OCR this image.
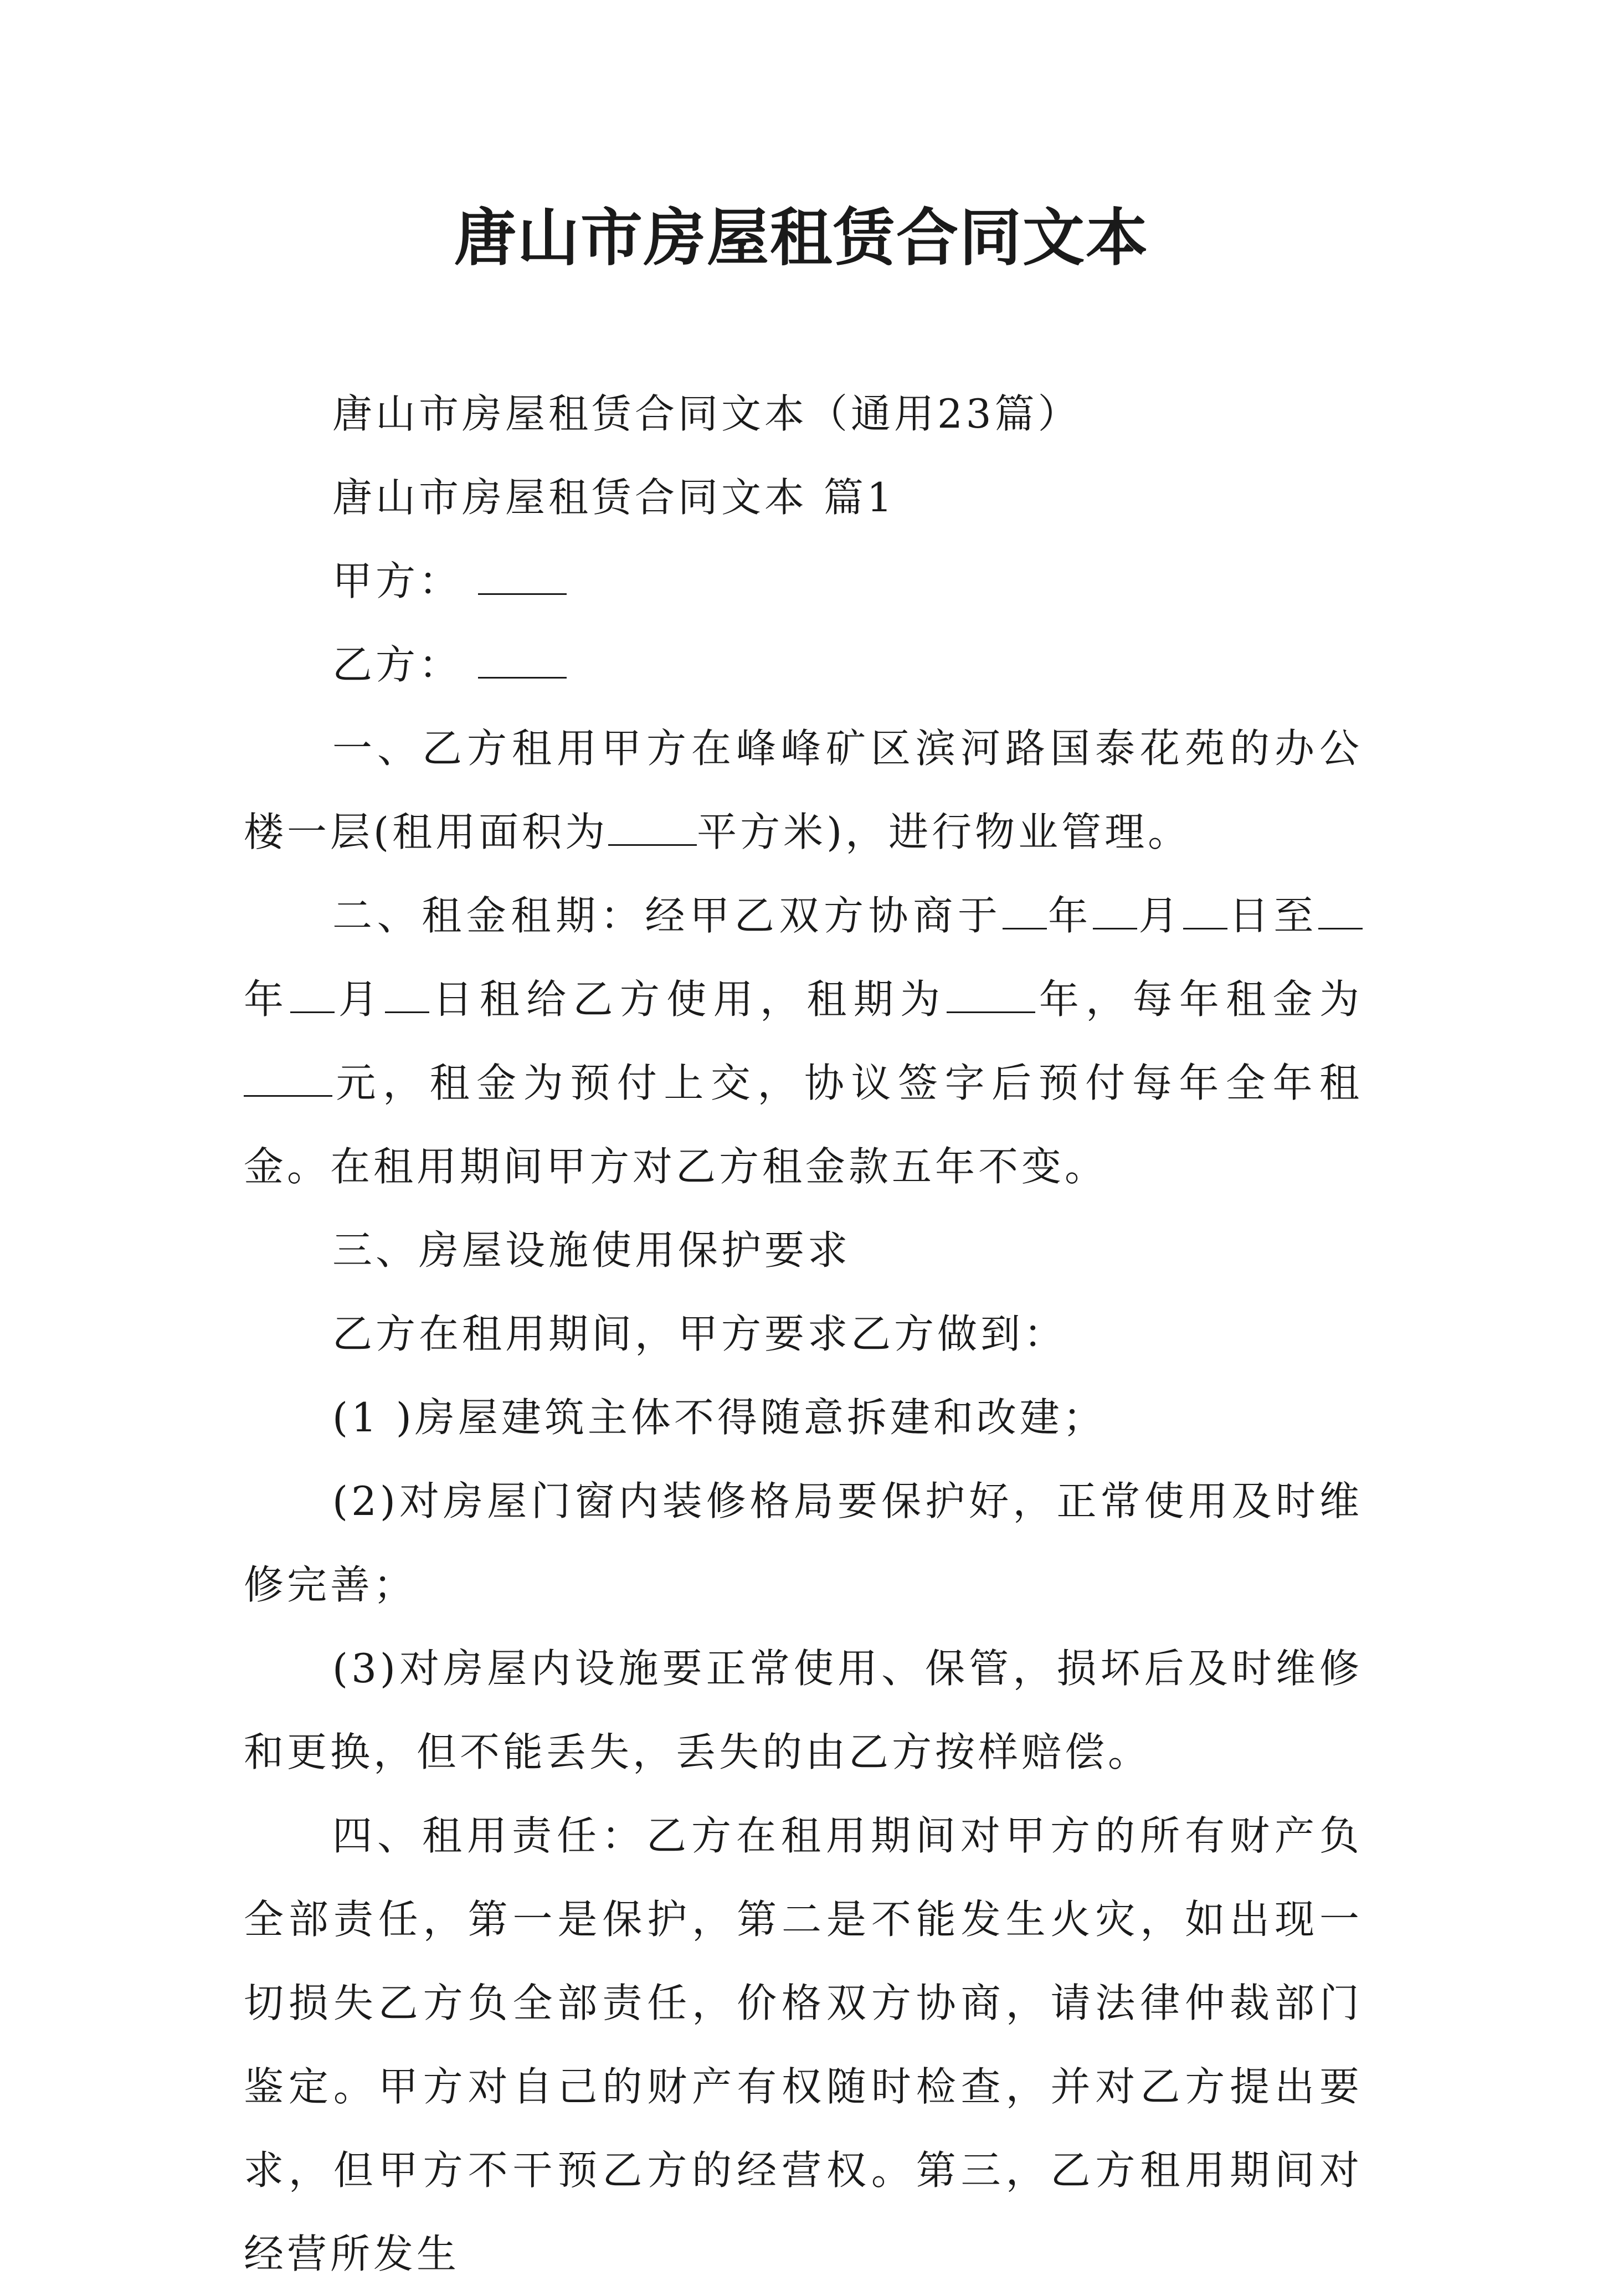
唐山市房屋租赁合同文本

唐山市房屋租赁合同文本（通用23篇）

唐山市房屋租赁合同文本 篇1

甲方：

乙方：

一、乙方租用甲方在峰峰矿区滨河路国泰花苑的办公楼一层(租用面积为 平方米)，进行物业管理。

二、租金租期：经甲乙双方协商于 年 月 日至年 月 日租给乙方使用，租期为 年，每年租金为元，租金为预付上交，协议签字后预付每年全年租金。在租用期间甲方对乙方租金款五年不变。

三、房屋设施使用保护要求

乙方在租用期间，甲方要求乙方做到：

(1 )房屋建筑主体不得随意拆建和改建；

(2)对房屋门窗内装修格局要保护好，正常使用及时维修完善；

(3)对房屋内设施要正常使用、保管，损坏后及时维修和更换，但不能丢失，丢失的由乙方按样赔偿。

四、租用责任：乙方在租用期间对甲方的所有财产负全部责任，第一是保护，第二是不能发生火灾，如出现一切损失乙方负全部责任，价格双方协商，请法律仲裁部门鉴定。甲方对自己的财产有权随时检查，并对乙方提出要求，但甲方不干预乙方的经营权。第三，乙方租用期间对经营所发生
